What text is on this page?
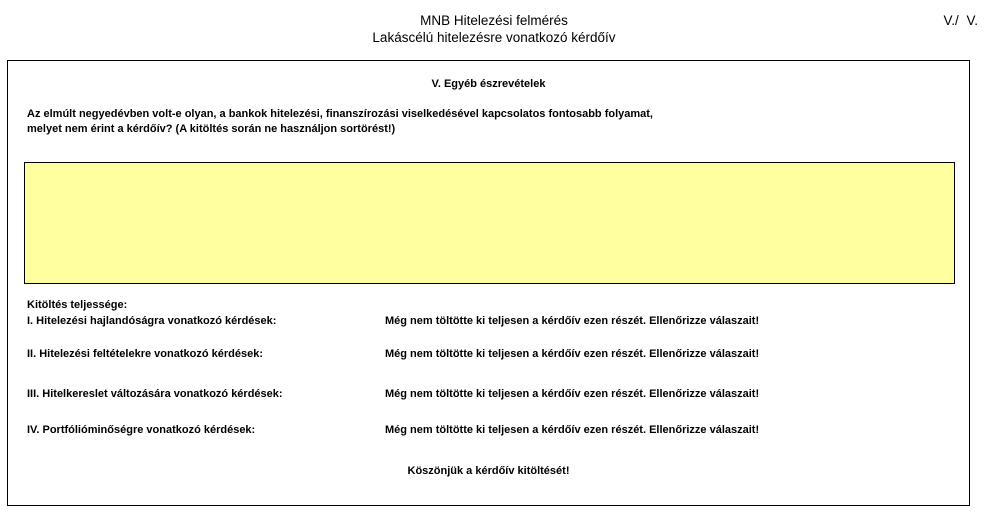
MNB Hitelezési felmérés
Lakáscélú hitelezésre vonatkozó kérdőív
V./ V.
V. Egyéb észrevételek
Az elmúlt negyedévben volt-e olyan, a bankok hitelezési, finanszírozási viselkedésével kapcsolatos fontosabb folyamat,
melyet nem érint a kérdőív? (A kitöltés során ne használjon sortörést!)
Kitöltés teljessége:
I. Hitelezési hajlandóságra vonatkozó kérdések:	Még nem töltötte ki teljesen a kérdőív ezen részét. Ellenőrizze válaszait!
II. Hitelezési feltételekre vonatkozó kérdések:	Még nem töltötte ki teljesen a kérdőív ezen részét. Ellenőrizze válaszait!
III. Hitelkereslet változására vonatkozó kérdések:	Még nem töltötte ki teljesen a kérdőív ezen részét. Ellenőrizze válaszait!
IV. Portfólióminőségre vonatkozó kérdések:	Még nem töltötte ki teljesen a kérdőív ezen részét. Ellenőrizze válaszait!
Köszönjük a kérdőív kitöltését!
